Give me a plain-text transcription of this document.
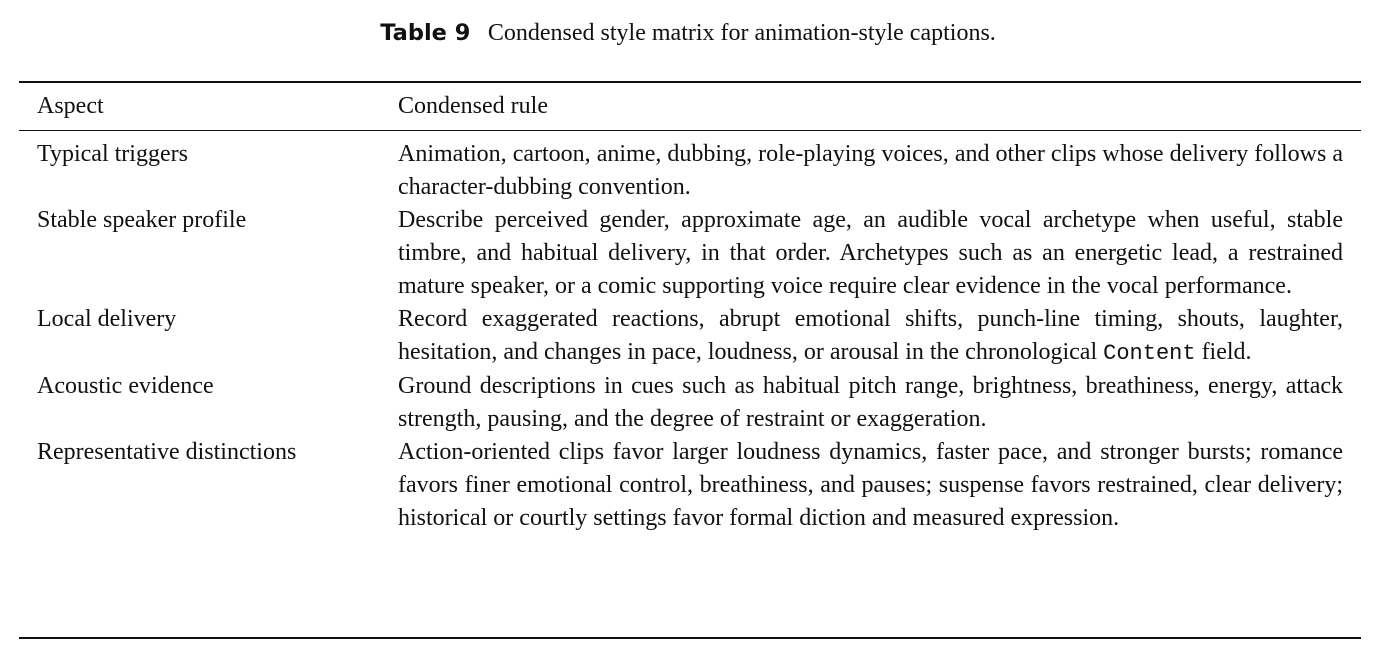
Table 9 Condensed style matrix for animation-style captions.
Aspect	Condensed rule
Typical triggers	Animation, cartoon, anime, dubbing, role-playing voices, and other clips whose delivery follows a character-dubbing convention.
Stable speaker profile	Describe perceived gender, approximate age, an audible vocal archetype when useful, stable timbre, and habitual delivery, in that order. Archetypes such as an energetic lead, a restrained mature speaker, or a comic supporting voice require clear evidence in the vocal performance.
Local delivery	Record exaggerated reactions, abrupt emotional shifts, punch-line timing, shouts, laughter, hesitation, and changes in pace, loudness, or arousal in the chronological Content field.
Acoustic evidence	Ground descriptions in cues such as habitual pitch range, brightness, breathiness, energy, attack strength, pausing, and the degree of restraint or exaggeration.
Representative distinctions	Action-oriented clips favor larger loudness dynamics, faster pace, and stronger bursts; romance favors finer emotional control, breathiness, and pauses; suspense favors restrained, clear delivery; historical or courtly settings favor formal diction and measured expression.
